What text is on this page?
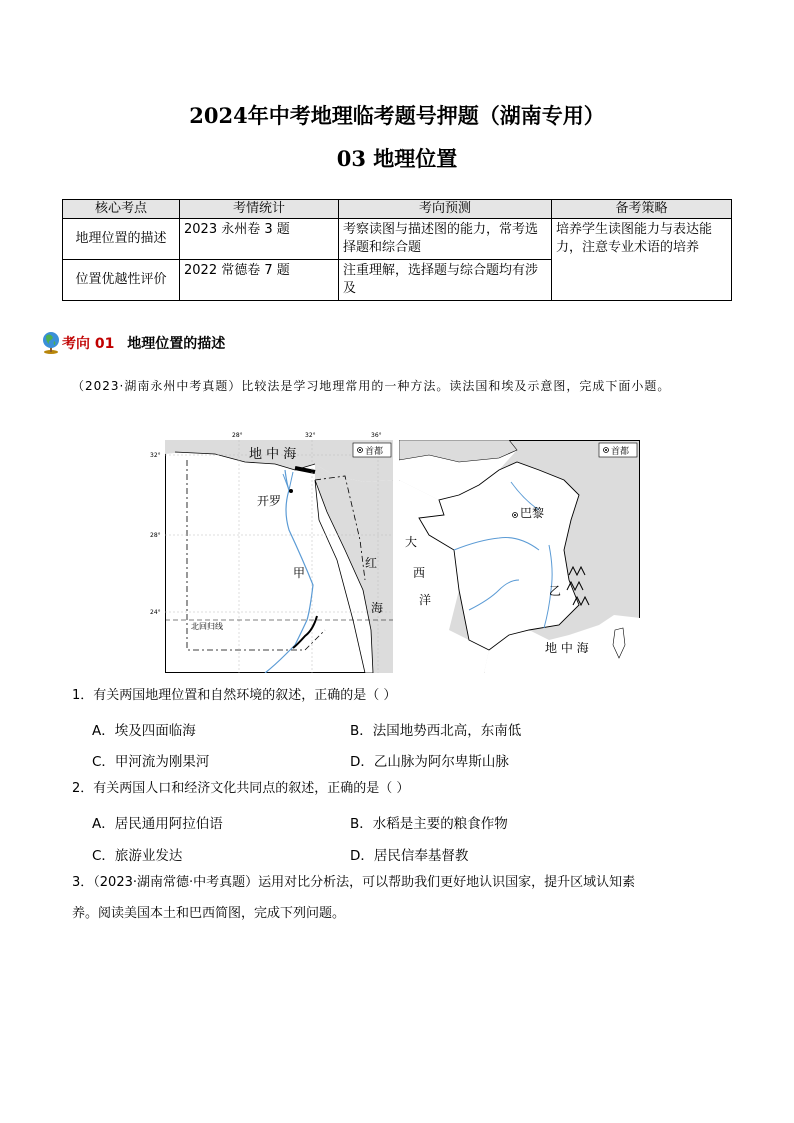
2024年中考地理临考题号押题（湖南专用）
03 地理位置
核心考点	考情统计	考向预测	备考策略
地理位置的描述	2023 永州卷 3 题	考察读图与描述图的能力，常考选择题和综合题	培养学生读图能力与表达能力，注意专业术语的培养
位置优越性评价	2022 常德卷 7 题	注重理解，选择题与综合题均有涉及	
考向 01 地理位置的描述
（2023·湖南永州中考真题）比较法是学习地理常用的一种方法。读法国和埃及示意图，完成下面小题。
首都
地 中 海
开罗
甲
红
海
北回归线
28°	32°	36°
32°
28°
24°
首都
巴黎
大
西
洋
乙
地 中 海
1．有关两国地理位置和自然环境的叙述，正确的是（ ）
A．埃及四面临海	B．法国地势西北高，东南低
C．甲河流为刚果河	D．乙山脉为阿尔卑斯山脉
2．有关两国人口和经济文化共同点的叙述，正确的是（ ）
A．居民通用阿拉伯语	B．水稻是主要的粮食作物
C．旅游业发达	D．居民信奉基督教
3．（2023·湖南常德·中考真题）运用对比分析法，可以帮助我们更好地认识国家，提升区域认知素
养。阅读美国本土和巴西简图，完成下列问题。
